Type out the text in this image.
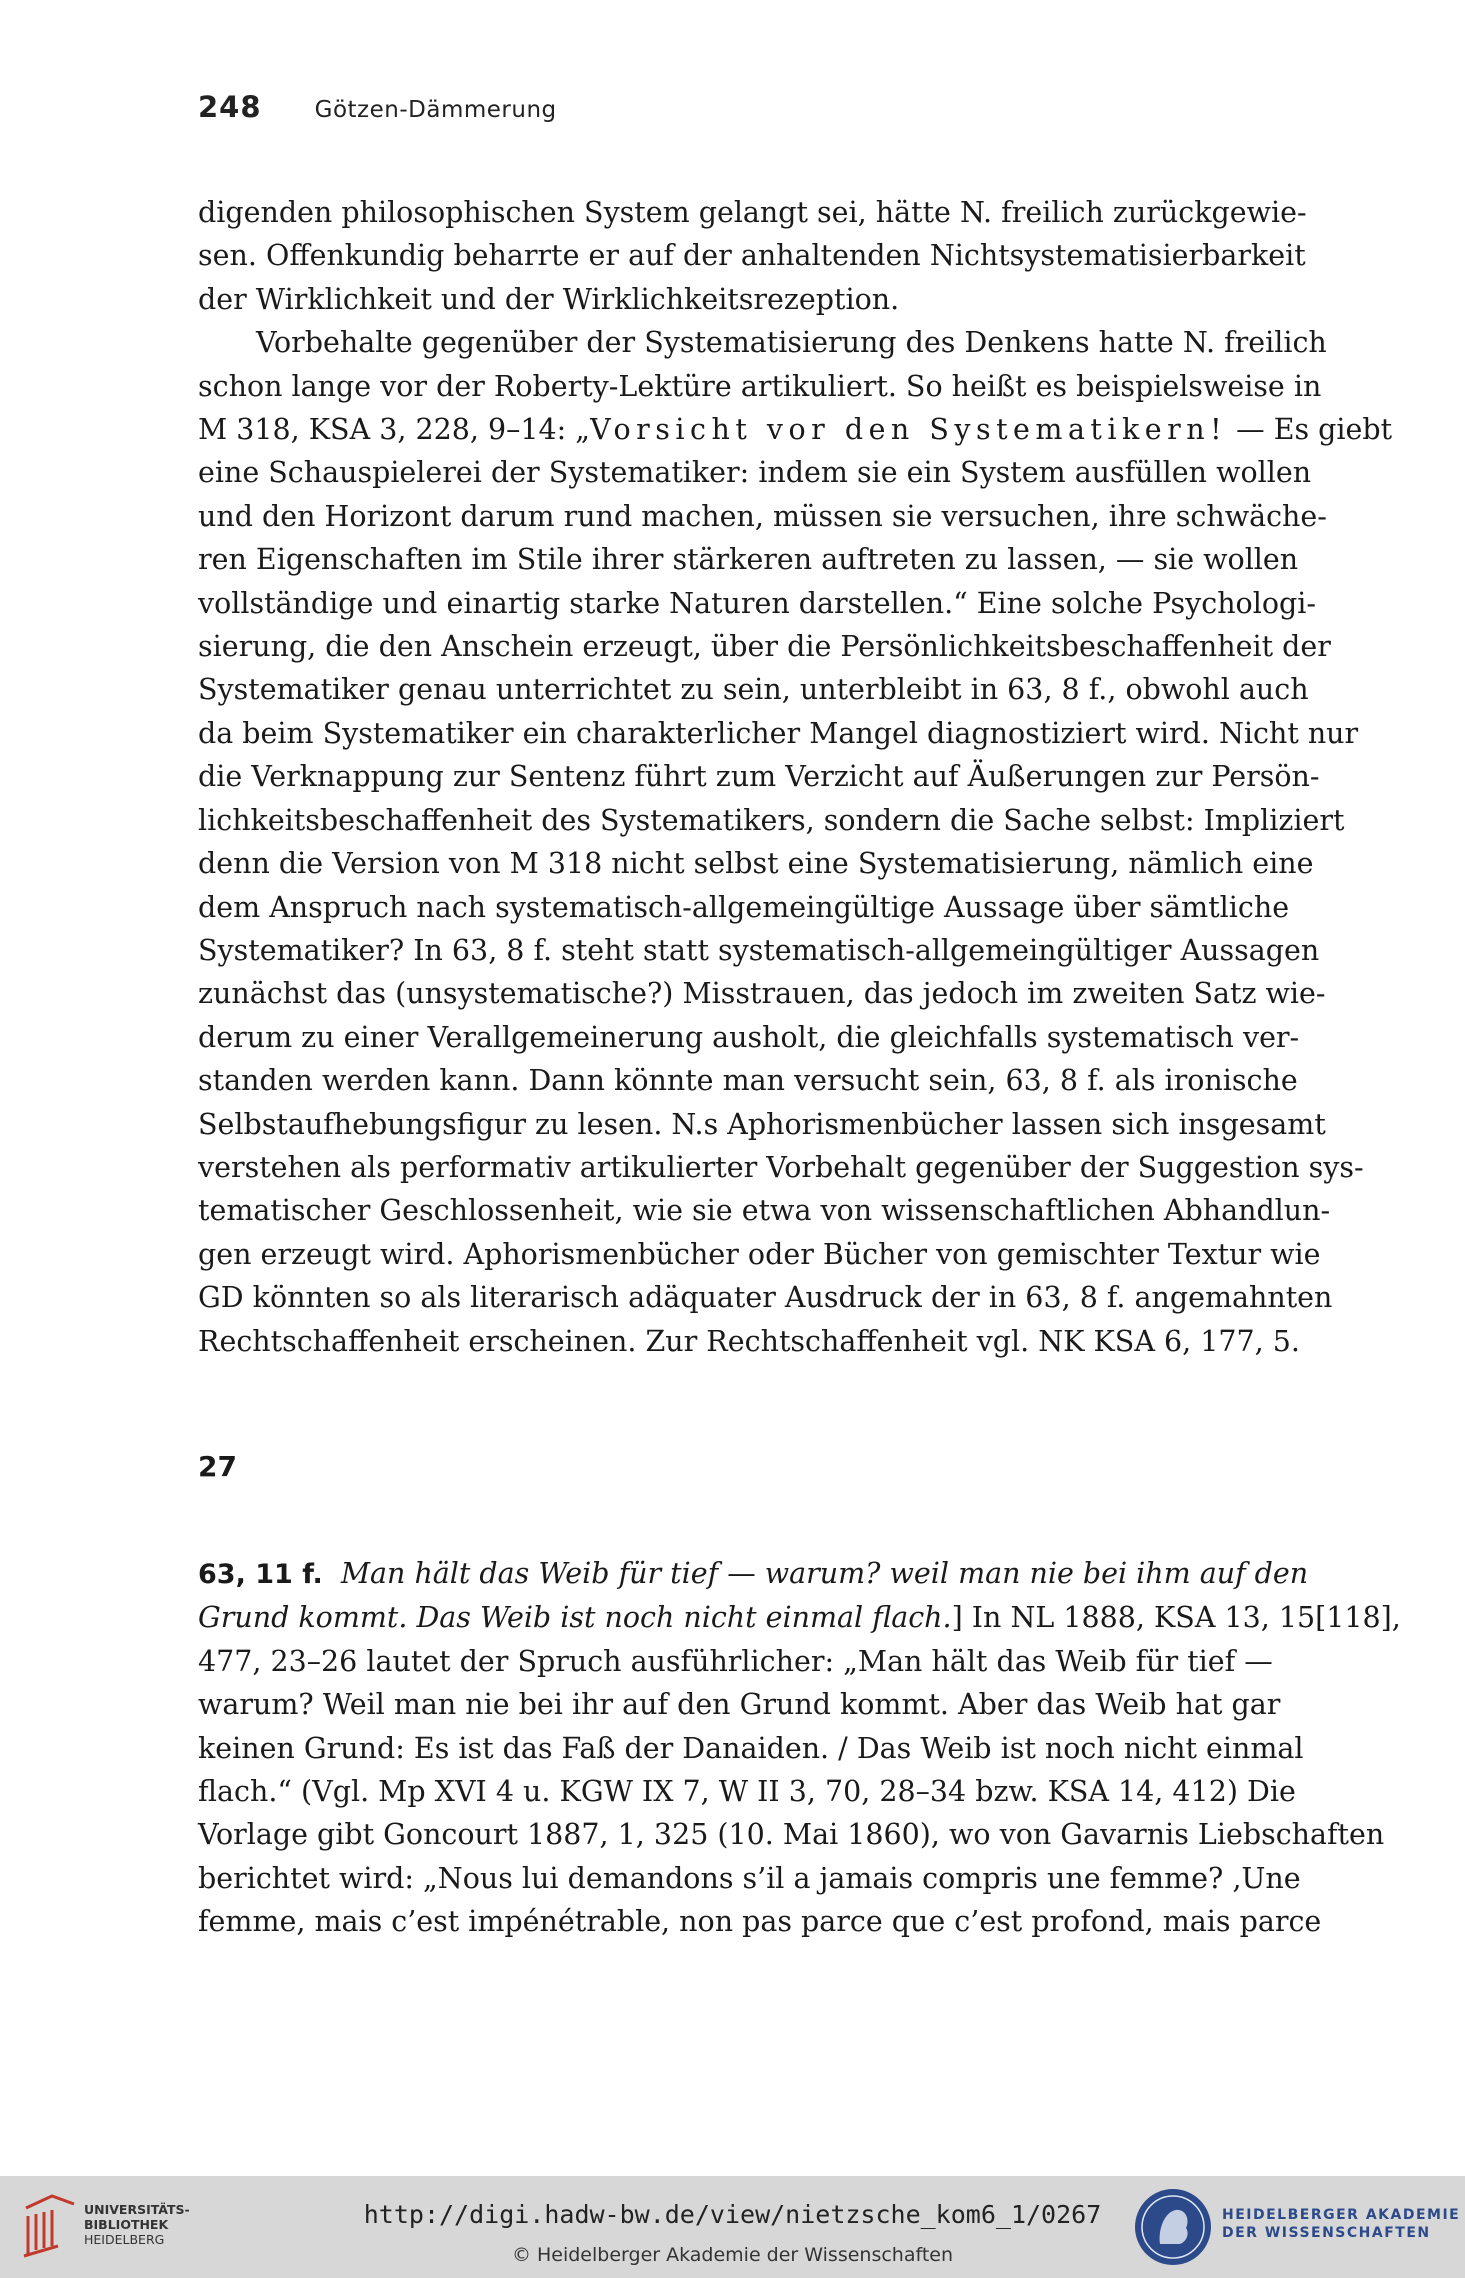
248 Götzen-Dämmerung

digenden philosophischen System gelangt sei, hätte N. freilich zurückgewie-
sen. Offenkundig beharrte er auf der anhaltenden Nichtsystematisierbarkeit
der Wirklichkeit und der Wirklichkeitsrezeption.

Vorbehalte gegenüber der Systematisierung des Denkens hatte N. freilich
schon lange vor der Roberty-Lektüre artikuliert. So heißt es beispielsweise in
M 318, KSA 3, 228, 9–14: „Vorsicht vor den Systematikern! — Es giebt
eine Schauspielerei der Systematiker: indem sie ein System ausfüllen wollen
und den Horizont darum rund machen, müssen sie versuchen, ihre schwäche-
ren Eigenschaften im Stile ihrer stärkeren auftreten zu lassen, — sie wollen
vollständige und einartig starke Naturen darstellen.“ Eine solche Psychologi-
sierung, die den Anschein erzeugt, über die Persönlichkeitsbeschaffenheit der
Systematiker genau unterrichtet zu sein, unterbleibt in 63, 8 f., obwohl auch
da beim Systematiker ein charakterlicher Mangel diagnostiziert wird. Nicht nur
die Verknappung zur Sentenz führt zum Verzicht auf Äußerungen zur Persön-
lichkeitsbeschaffenheit des Systematikers, sondern die Sache selbst: Impliziert
denn die Version von M 318 nicht selbst eine Systematisierung, nämlich eine
dem Anspruch nach systematisch-allgemeingültige Aussage über sämtliche
Systematiker? In 63, 8 f. steht statt systematisch-allgemeingültiger Aussagen
zunächst das (unsystematische?) Misstrauen, das jedoch im zweiten Satz wie-
derum zu einer Verallgemeinerung ausholt, die gleichfalls systematisch ver-
standen werden kann. Dann könnte man versucht sein, 63, 8 f. als ironische
Selbstaufhebungsfigur zu lesen. N.s Aphorismenbücher lassen sich insgesamt
verstehen als performativ artikulierter Vorbehalt gegenüber der Suggestion sys-
tematischer Geschlossenheit, wie sie etwa von wissenschaftlichen Abhandlun-
gen erzeugt wird. Aphorismenbücher oder Bücher von gemischter Textur wie
GD könnten so als literarisch adäquater Ausdruck der in 63, 8 f. angemahnten
Rechtschaffenheit erscheinen. Zur Rechtschaffenheit vgl. NK KSA 6, 177, 5.

27

63, 11 f. Man hält das Weib für tief — warum? weil man nie bei ihm auf den
Grund kommt. Das Weib ist noch nicht einmal flach.] In NL 1888, KSA 13, 15[118],
477, 23–26 lautet der Spruch ausführlicher: „Man hält das Weib für tief —
warum? Weil man nie bei ihr auf den Grund kommt. Aber das Weib hat gar
keinen Grund: Es ist das Faß der Danaiden. / Das Weib ist noch nicht einmal
flach.“ (Vgl. Mp XVI 4 u. KGW IX 7, W II 3, 70, 28–34 bzw. KSA 14, 412) Die
Vorlage gibt Goncourt 1887, 1, 325 (10. Mai 1860), wo von Gavarnis Liebschaften
berichtet wird: „Nous lui demandons s’il a jamais compris une femme? ‚Une
femme, mais c’est impénétrable, non pas parce que c’est profond, mais parce

UNIVERSITÄTS-
BIBLIOTHEK
HEIDELBERG
http://digi.hadw-bw.de/view/nietzsche_kom6_1/0267
© Heidelberger Akademie der Wissenschaften
HEIDELBERGER AKADEMIE
DER WISSENSCHAFTEN
